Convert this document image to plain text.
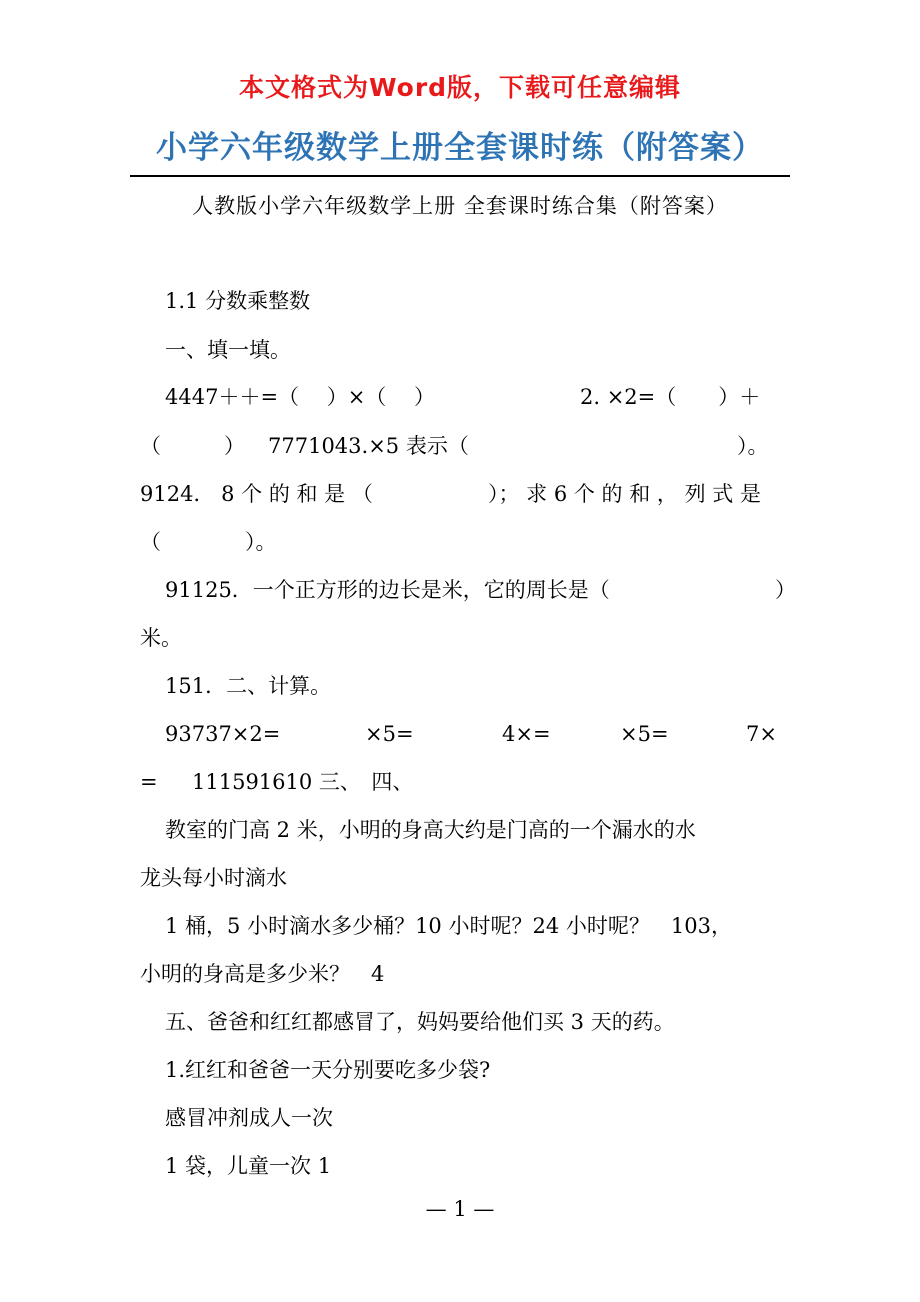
本文格式为Word版，下载可任意编辑
小学六年级数学上册全套课时练（附答案）
人教版小学六年级数学上册 全套课时练合集（附答案）
1.1 分数乘整数
一、填一填。
4447＋＋=（　 ）×（　 ）	2. ×2=（　　）＋
（　　　） 7771043.×5 表示（	）。
9124． 8 个 的 和 是 （	）； 求 6 个 的 和 ， 列 式 是
（　　　　）。
91125．一个正方形的边长是米，它的周长是（	）
米。
151．二、计算。
93737×2=	×5=	4×=	×5=	7×
= 111591610 三、　四、
教室的门高 2 米，小明的身高大约是门高的一个漏水的水
龙头每小时滴水
1 桶，5 小时滴水多少桶？10 小时呢？24 小时呢？　103，
小明的身高是多少米？　4
五、爸爸和红红都感冒了，妈妈要给他们买 3 天的药。
1.红红和爸爸一天分别要吃多少袋?
感冒冲剂成人一次
1 袋，儿童一次 1
— 1 —
